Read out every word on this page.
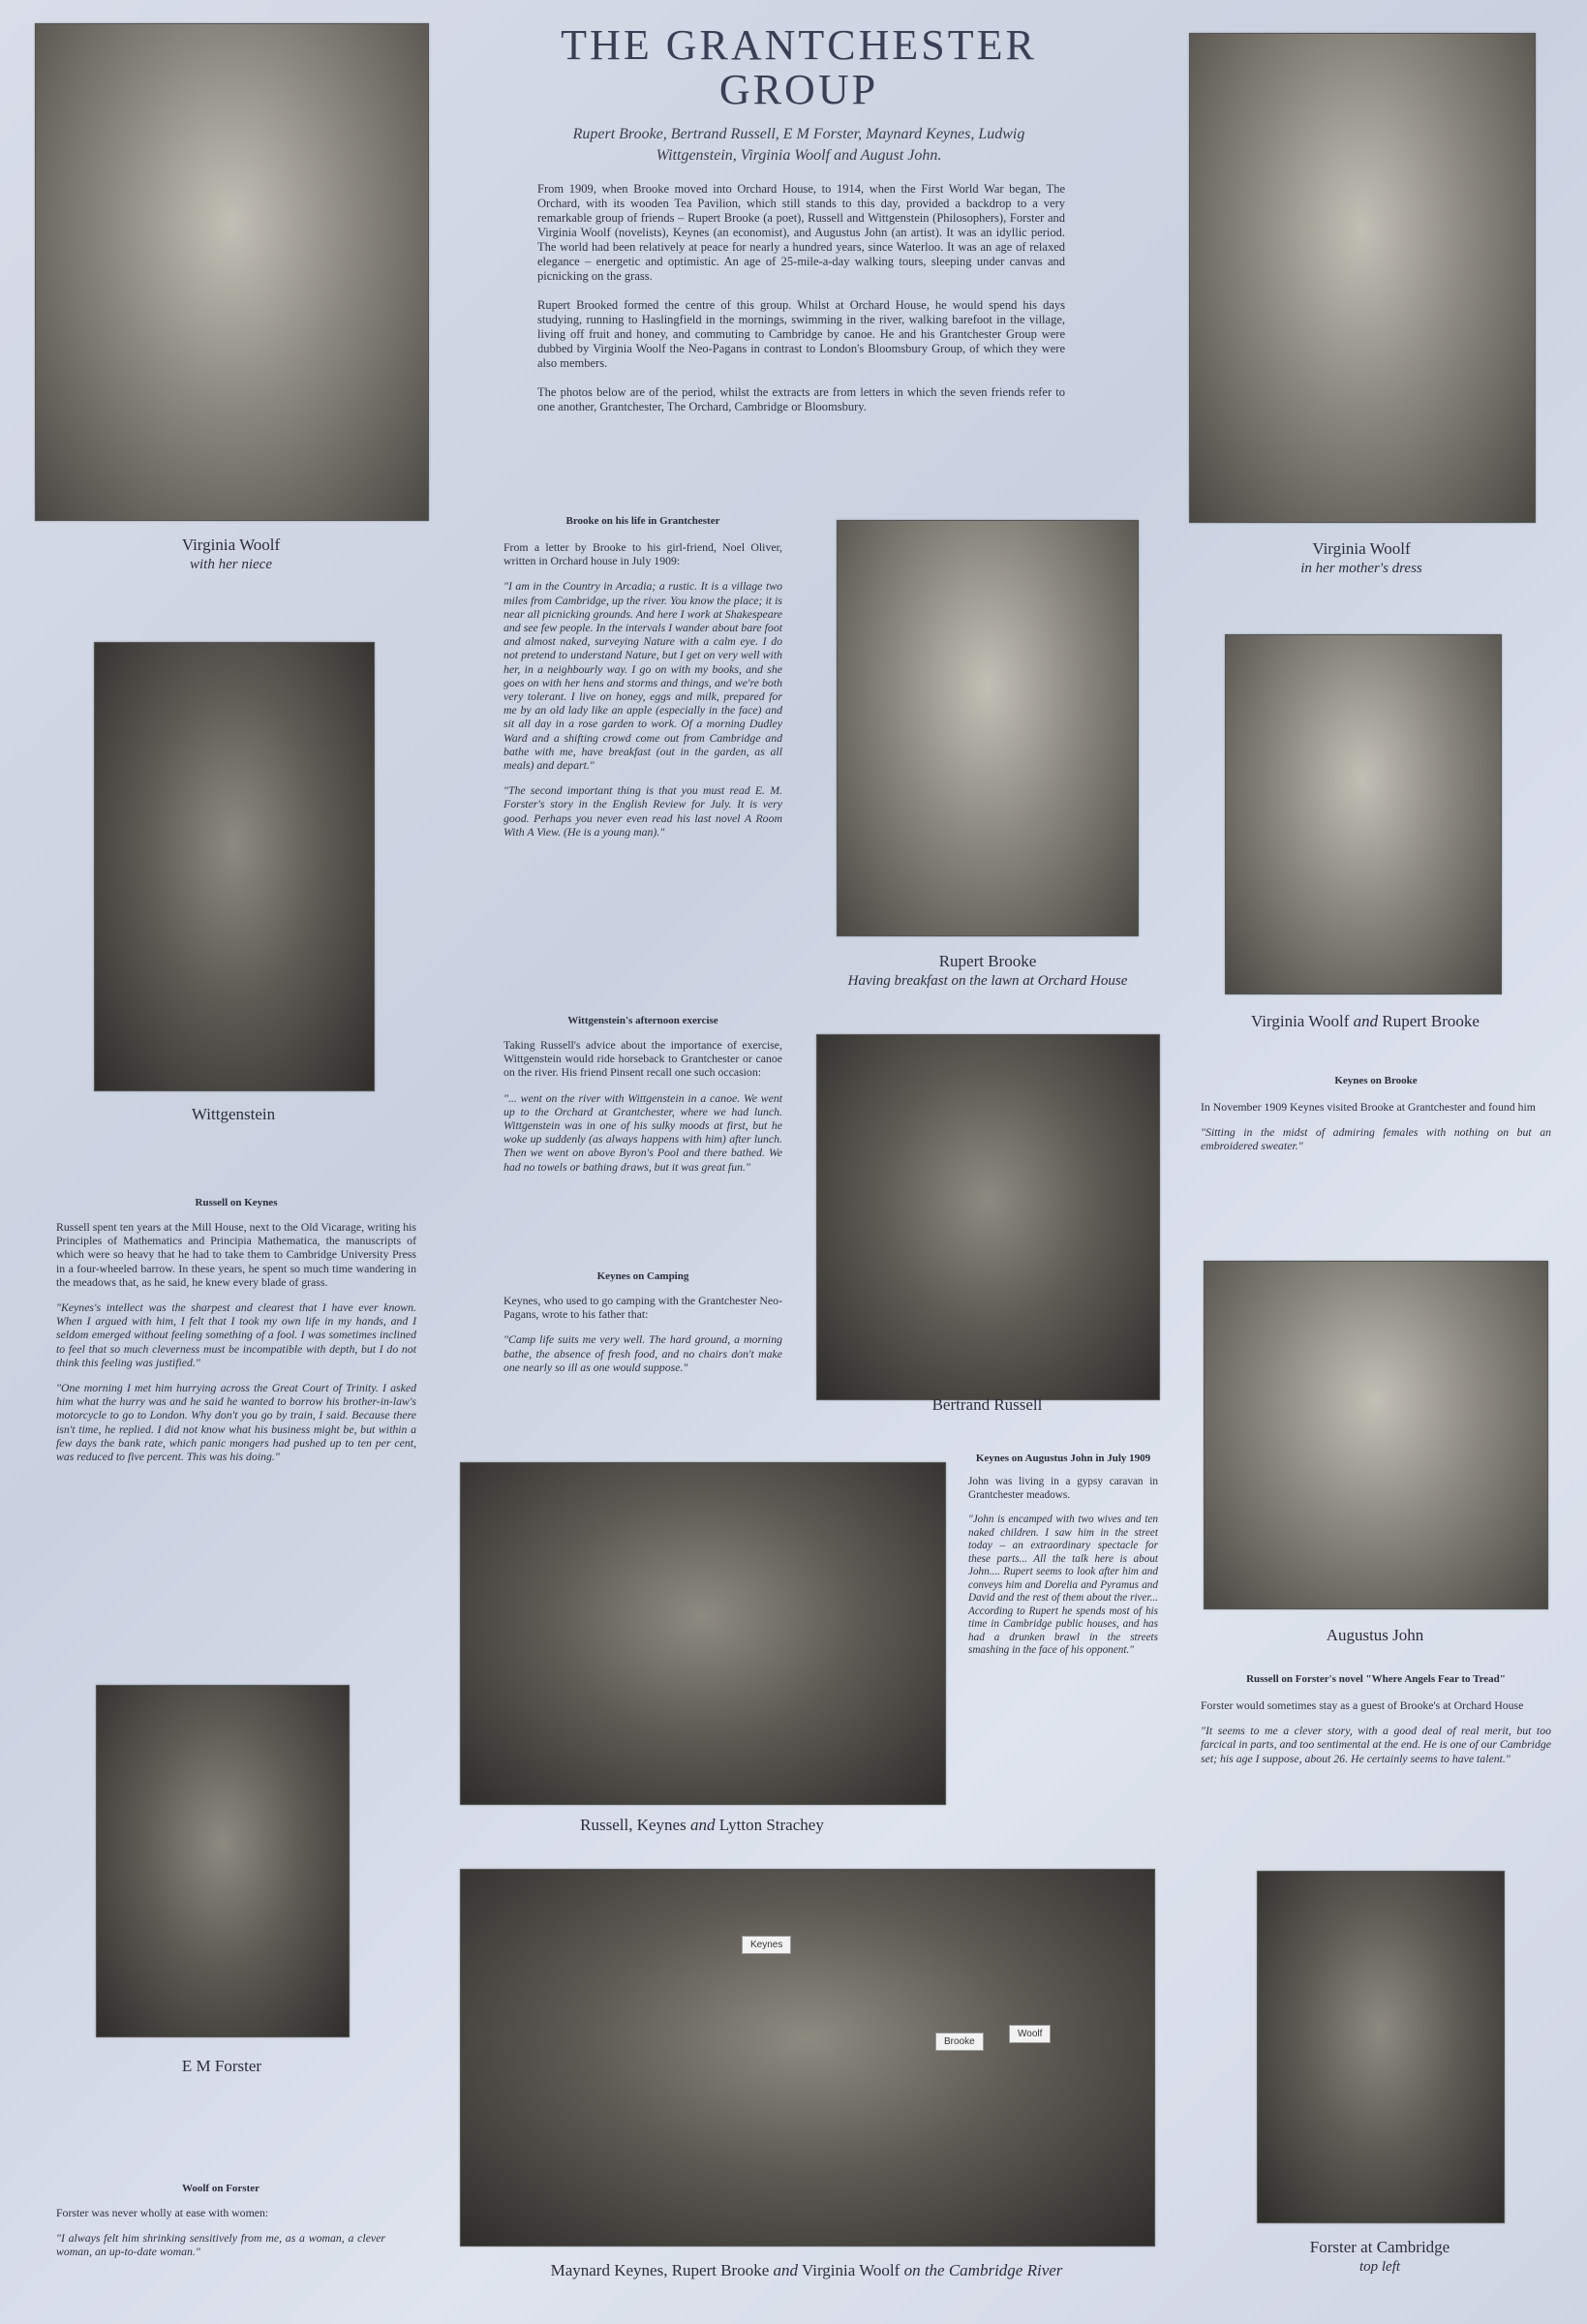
THE GRANTCHESTER GROUP
Rupert Brooke, Bertrand Russell, E M Forster, Maynard Keynes, Ludwig Wittgenstein, Virginia Woolf and August John.

From 1909, when Brooke moved into Orchard House, to 1914, when the First World War began, The Orchard, with its wooden Tea Pavilion, which still stands to this day, provided a backdrop to a very remarkable group of friends – Rupert Brooke (a poet), Russell and Wittgenstein (Philosophers), Forster and Virginia Woolf (novelists), Keynes (an economist), and Augustus John (an artist). It was an idyllic period. The world had been relatively at peace for nearly a hundred years, since Waterloo. It was an age of relaxed elegance – energetic and optimistic. An age of 25-mile-a-day walking tours, sleeping under canvas and picnicking on the grass.

Rupert Brooked formed the centre of this group. Whilst at Orchard House, he would spend his days studying, running to Haslingfield in the mornings, swimming in the river, walking barefoot in the village, living off fruit and honey, and commuting to Cambridge by canoe. He and his Grantchester Group were dubbed by Virginia Woolf the Neo-Pagans in contrast to London's Bloomsbury Group, of which they were also members.

The photos below are of the period, whilst the extracts are from letters in which the seven friends refer to one another, Grantchester, The Orchard, Cambridge or Bloomsbury.

Virginia Woolf
with her niece
Wittgenstein
Russell on Keynes

Russell spent ten years at the Mill House, next to the Old Vicarage, writing his Principles of Mathematics and Principia Mathematica, the manuscripts of which were so heavy that he had to take them to Cambridge University Press in a four-wheeled barrow. In these years, he spent so much time wandering in the meadows that, as he said, he knew every blade of grass.

"Keynes's intellect was the sharpest and clearest that I have ever known. When I argued with him, I felt that I took my own life in my hands, and I seldom emerged without feeling something of a fool. I was sometimes inclined to feel that so much cleverness must be incompatible with depth, but I do not think this feeling was justified."

"One morning I met him hurrying across the Great Court of Trinity. I asked him what the hurry was and he said he wanted to borrow his brother-in-law's motorcycle to go to London. Why don't you go by train, I said. Because there isn't time, he replied. I did not know what his business might be, but within a few days the bank rate, which panic mongers had pushed up to ten per cent, was reduced to five percent. This was his doing."

E M Forster
Woolf on Forster

Forster was never wholly at ease with women:

"I always felt him shrinking sensitively from me, as a woman, a clever woman, an up-to-date woman."

Brooke on his life in Grantchester

From a letter by Brooke to his girl-friend, Noel Oliver, written in Orchard house in July 1909:

"I am in the Country in Arcadia; a rustic. It is a village two miles from Cambridge, up the river. You know the place; it is near all picnicking grounds. And here I work at Shakespeare and see few people. In the intervals I wander about bare foot and almost naked, surveying Nature with a calm eye. I do not pretend to understand Nature, but I get on very well with her, in a neighbourly way. I go on with my books, and she goes on with her hens and storms and things, and we're both very tolerant. I live on honey, eggs and milk, prepared for me by an old lady like an apple (especially in the face) and sit all day in a rose garden to work. Of a morning Dudley Ward and a shifting crowd come out from Cambridge and bathe with me, have breakfast (out in the garden, as all meals) and depart."

"The second important thing is that you must read E. M. Forster's story in the English Review for July. It is very good. Perhaps you never even read his last novel A Room With A View. (He is a young man)."

Wittgenstein's afternoon exercise

Taking Russell's advice about the importance of exercise, Wittgenstein would ride horseback to Grantchester or canoe on the river. His friend Pinsent recall one such occasion:

"... went on the river with Wittgenstein in a canoe. We went up to the Orchard at Grantchester, where we had lunch. Wittgenstein was in one of his sulky moods at first, but he woke up suddenly (as always happens with him) after lunch. Then we went on above Byron's Pool and there bathed. We had no towels or bathing draws, but it was great fun."

Keynes on Camping

Keynes, who used to go camping with the Grantchester Neo-Pagans, wrote to his father that:

"Camp life suits me very well. The hard ground, a morning bathe, the absence of fresh food, and no chairs don't make one nearly so ill as one would suppose."

Rupert Brooke
Having breakfast on the lawn at Orchard House
Bertrand Russell
Virginia Woolf
in her mother's dress
Virginia Woolf and Rupert Brooke
Keynes on Brooke

In November 1909 Keynes visited Brooke at Grantchester and found him

"Sitting in the midst of admiring females with nothing on but an embroidered sweater."

Augustus John
Russell on Forster's novel "Where Angels Fear to Tread"

Forster would sometimes stay as a guest of Brooke's at Orchard House

"It seems to me a clever story, with a good deal of real merit, but too farcical in parts, and too sentimental at the end. He is one of our Cambridge set; his age I suppose, about 26. He certainly seems to have talent."

Forster at Cambridge
top left
Russell, Keynes and Lytton Strachey
Keynes on Augustus John in July 1909

John was living in a gypsy caravan in Grantchester meadows.

"John is encamped with two wives and ten naked children. I saw him in the street today – an extraordinary spectacle for these parts... All the talk here is about John.... Rupert seems to look after him and conveys him and Dorelia and Pyramus and David and the rest of them about the river... According to Rupert he spends most of his time in Cambridge public houses, and has had a drunken brawl in the streets smashing in the face of his opponent."

Keynes
Brooke
Woolf
Maynard Keynes, Rupert Brooke and Virginia Woolf on the Cambridge River
